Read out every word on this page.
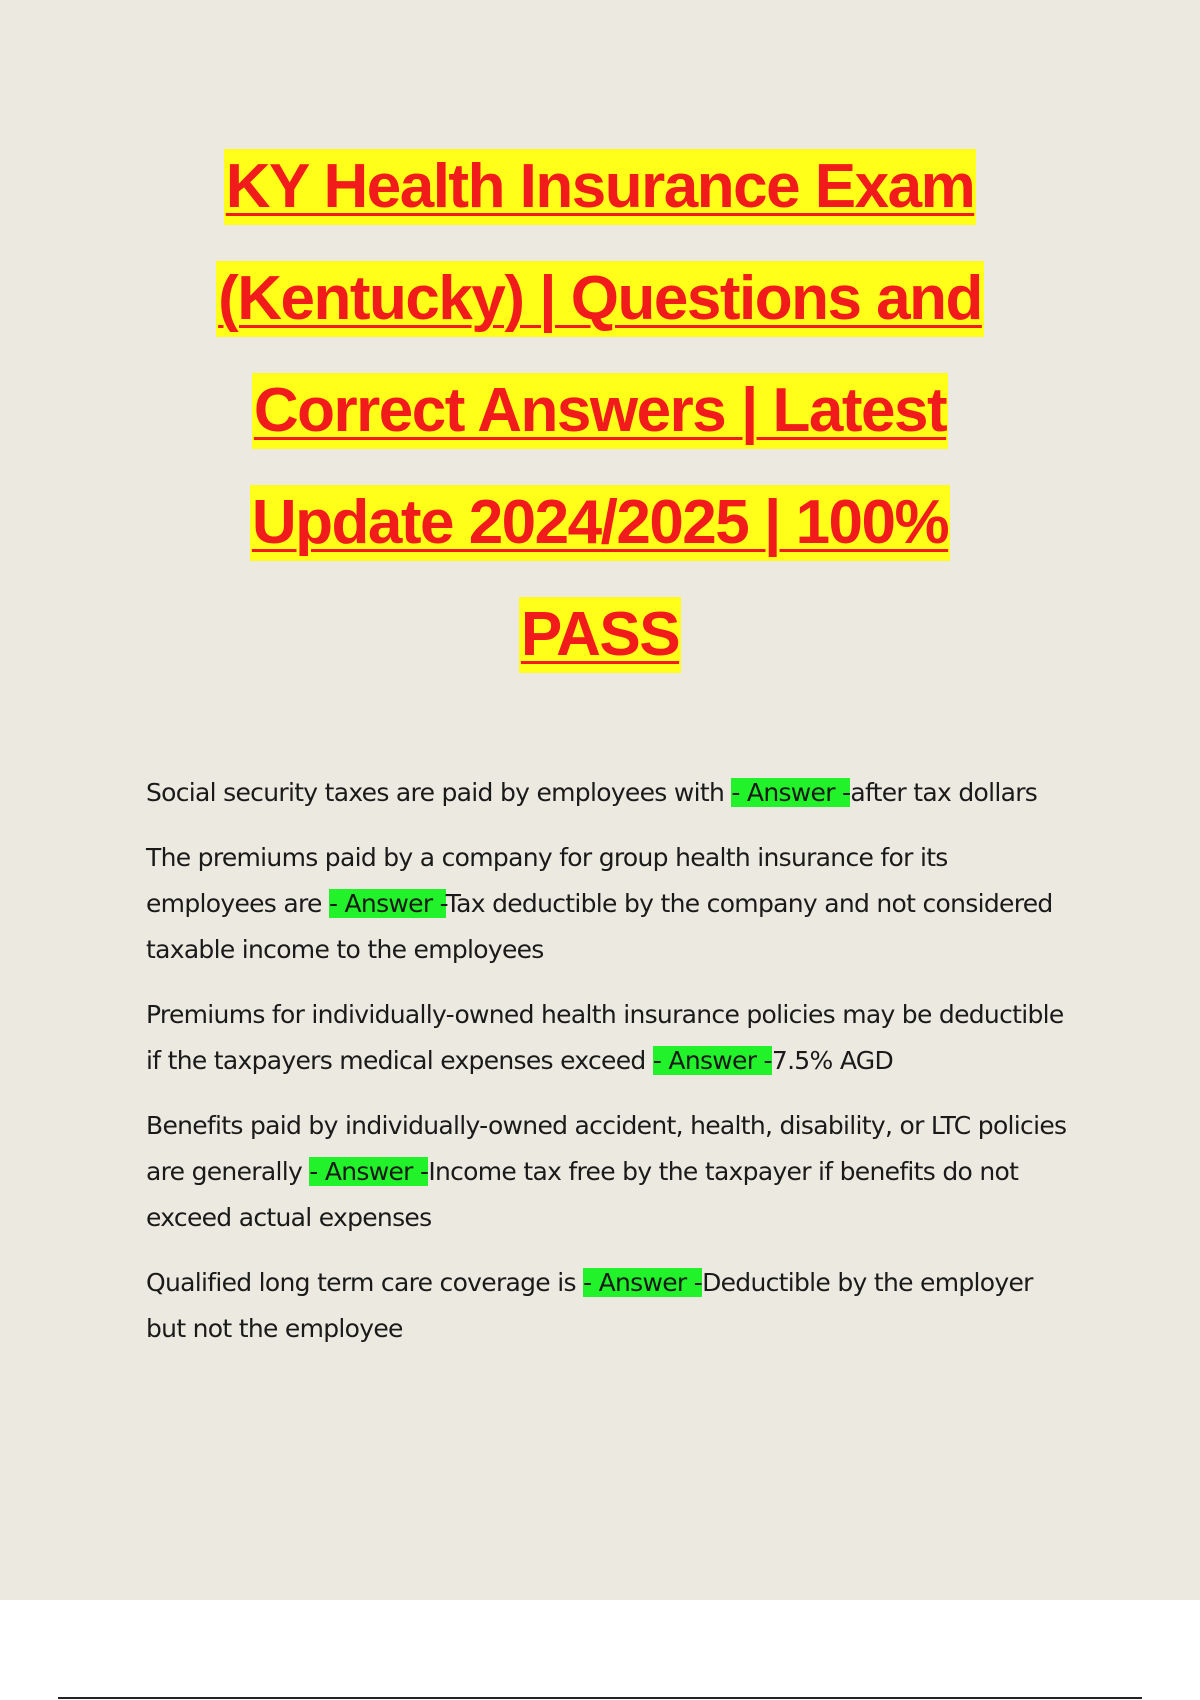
KY Health Insurance Exam
(Kentucky) | Questions and
Correct Answers | Latest
Update 2024/2025 | 100%
PASS

Social security taxes are paid by employees with - Answer -after tax dollars

The premiums paid by a company for group health insurance for its employees are - Answer -Tax deductible by the company and not considered taxable income to the employees

Premiums for individually-owned health insurance policies may be deductible if the taxpayers medical expenses exceed - Answer -7.5% AGD

Benefits paid by individually-owned accident, health, disability, or LTC policies are generally - Answer -Income tax free by the taxpayer if benefits do not exceed actual expenses

Qualified long term care coverage is - Answer -Deductible by the employer but not the employee
